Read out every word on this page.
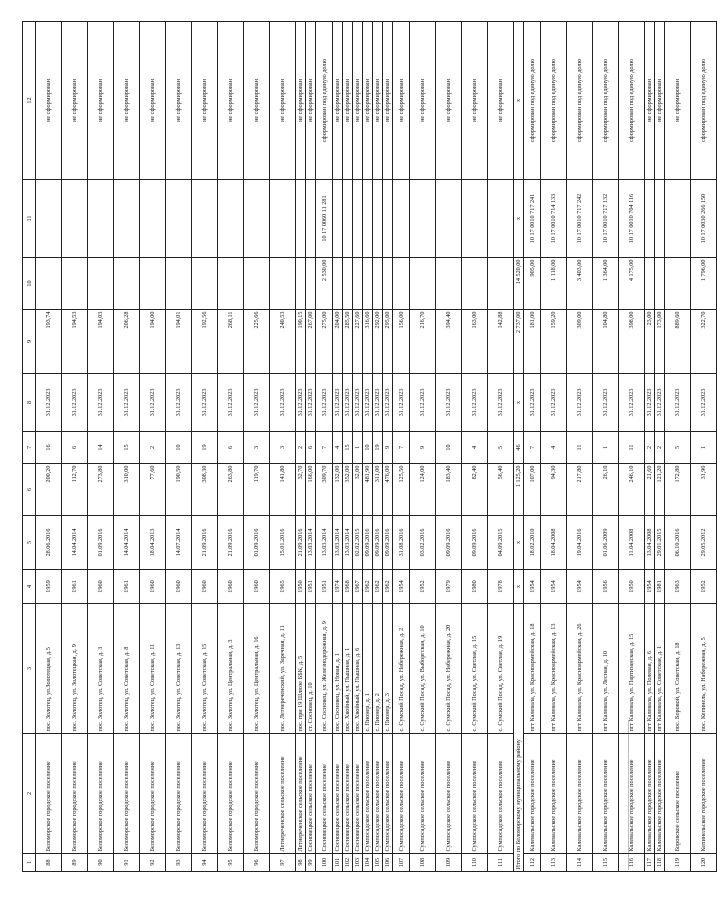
1	2	3	4	5	6	7	8	9	10	11	12
88	Беломорское городское поселение	пос. Золотец, ул.Золотецкая, д.5	1959	28.06.2016	200,20	16	31.12.2023	193,74			не сформирован
89	Беломорское городское поселение	пос. Золотец, ул. Золотецкая, д. 9	1961	14.04.2014	112,70	6	31.12.2023	194,53			не сформирован
90	Беломорское городское поселение	пос. Золотец, ул. Советская, д. 3	1960	01.09.2016	273,80	14	31.12.2023	194,03			не сформирован
91	Беломорское городское поселение	пос. Золотец, ул. Советская, д. 8	1961	14.04.2014	310,00	15	31.12.2023	206,28			не сформирован
92	Беломорское городское поселение	пос. Золотец, ул. Советская, д. 11	1960	18.04.2013	77,60	2	31.12.2023	194,00			не сформирован
93	Беломорское городское поселение	пос. Золотец, ул. Советская, д. 13	1960	14.07.2014	190,50	10	31.12.2023	194,01			не сформирован
94	Беломорское городское поселение	пос. Золотец, ул. Советская, д. 15	1960	21.09.2016	308,30	19	31.12.2023	192,56			не сформирован
95	Беломорское городское поселение	пос. Золотец, ул. Центральная, д. 3	1960	21.09.2016	263,80	6	31.12.2023	268,11			не сформирован
96	Беломорское городское поселение	пос. Золотец, ул. Центральная, д. 16	1960	01.09.2016	119,70	3	31.12.2023	225,66			не сформирован
97	Летнереченское сельское поселение	пос. Летнереченский, ул. Заречная, д. 11	1965	15.01.2016	141,80	3	31.12.2023	240,53			не сформирован
98	Летнереченское сельское поселение	пос. при 19 Шлюзе ББК, д. 5	1950	21.09.2016	32,70	2	31.12.2023	190,15			не сформирован
99	Сосновецкое сельское поселение	ст. Сосновец, д. 10	1951	13.03.2014	166,00	6	31.12.2023	267,00			не сформирован
100	Сосновецкое сельское поселение	пос. Сосновец, ул. Железнодорожная, д. 9	1951	13.03.2014	309,70	7	31.12.2023	275,00	2 530,00	10 17 0060 11 281	сформирован под единую долю
101	Сосновецкое сельское поселение	пос. Сосновец, ул. Новая, д. 1	1974	13.03.2014	132,00	4	31.12.2023	204,00			не сформирован
102	Сосновецкое сельское поселение	пос. Хвойный, ул. Пышная, д. 1	1968	13.03.2014	352,00	15	31.12.2023	285,50			не сформирован
103	Сосновецкое сельское поселение	пос. Хвойный, ул. Пышная, д. 6	1967	02.02.2015	32,00	1	31.12.2023	227,60			не сформирован
104	Сумпосадское сельское поселение	с. Пионер, д. 1	1962	09.09.2016	481,90	10	31.12.2023	316,60			не сформирован
105	Сумпосадское сельское поселение	с. Пионер, д. 2	1962	09.09.2016	311,00	19	31.12.2023	292,00			не сформирован
106	Сумпосадское сельское поселение	с. Пионер, д. 3	1962	09.09.2016	476,00	9	31.12.2023	295,00			не сформирован
107	Сумпосадское сельское поселение	с. Сумский Посад, ул. Набережная, д. 2	1954	31.08.2016	125,50	7	31.12.2023	156,00			не сформирован
108	Сумпосадское сельское поселение	с. Сумский Посад, ул. Выборгская, д. 10	1952	03.02.2016	124,00	9	31.12.2023	216,70			не сформирован
109	Сумпосадское сельское поселение	с. Сумский Посад, ул. Набережная, д. 20	1979	09.09.2016	183,40	10	31.12.2023	394,40			не сформирован
110	Сумпосадское сельское поселение	с. Сумский Посад, ул. Светлая, д. 15	1980	09.09.2016	82,40	4	31.12.2023	163,00			не сформирован
111	Сумпосадское сельское поселение	с. Сумский Посад, ул. Светлая, д. 19	1978	04.09.2015	56,40	5	31.12.2023	142,88			не сформирован
Итого по Беломорскому муниципальному району			x	x	1 125,20	46	x	2 737,00	14 520,00	x	x
112	Калевальское городское поселение	пгт Калевала, ул. Красноармейская, д. 18	1954	18.02.2010	107,00	7	31.12.2023	181,00	905,00	10 17 0010 717 241	сформирован под единую долю
113	Калевальское городское поселение	пгт Калевала, ул. Красноармейская, д. 13	1954	18.04.2008	94,30	4	31.12.2023	159,20	1 118,00	10 17 0010 714 133	сформирован под единую долю
114	Калевальское городское поселение	пгт Калевала, ул. Красноармейская, д. 26	1954	19.04.2016	217,80	11	31.12.2023	309,00	3 403,00	10 17 0010 717 242	сформирован под единую долю
115	Калевальское городское поселение	пгт Калевала, ул. Лесная, д. 10	1956	01.06.2009	26,10	1	31.12.2023	104,80	1 364,00	10 17 0010 717 132	сформирован под единую долю
116	Калевальское городское поселение	пгт Калевала, ул. Партизанская, д. 15	1950	11.04.2008	246,10	11	31.12.2023	398,00	4 175,00	10 17 0010 704 116	сформирован под единую долю
117	Калевальское городское поселение	пгт Калевала, ул. Полевая, д. 6	1954	13.04.2008	21,60	2	31.12.2023	23,00			не сформирован
118	Калевальское городское поселение	пгт Калевала, ул. Советская, д. 1	1981	29.01.2015	121,20	2	31.12.2023	173,00			не сформирован
119	Боровское сельское поселение	пос. Боровой, ул. Советская, д. 18	1963	06.10.2016	172,80	5	31.12.2023	889,60			не сформирован
120	Кепинельское городское поселение	пос. Кепинель, ул. Набережная, д. 5	1952	29.05.2012	31,90	1	31.12.2023	322,70	1 796,00	10 17 0030 266 150	сформирован под единую долю
